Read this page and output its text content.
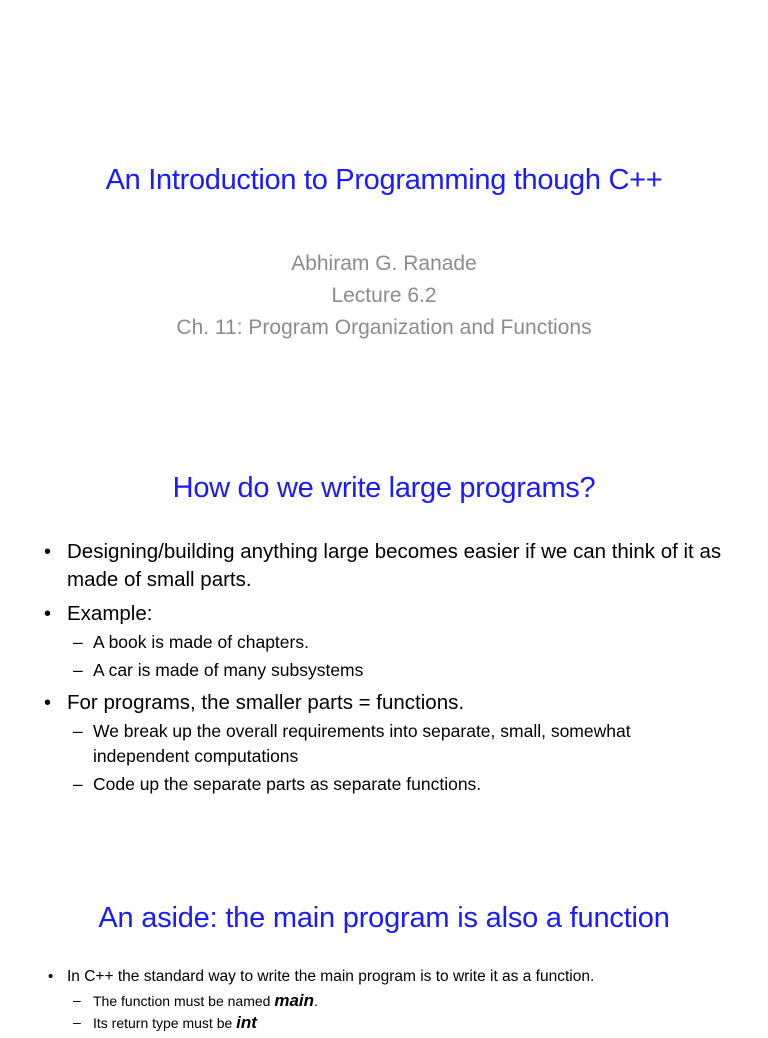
An Introduction to Programming though C++
Abhiram G. Ranade
Lecture 6.2
Ch. 11: Program Organization and Functions
How do we write large programs?
• Designing/building anything large becomes easier if we can think of it as made of small parts.
• Example:
– A book is made of chapters.
– A car is made of many subsystems
• For programs, the smaller parts = functions.
– We break up the overall requirements into separate, small, somewhat independent computations
– Code up the separate parts as separate functions.
An aside: the main program is also a function
• In C++ the standard way to write the main program is to write it as a function.
– The function must be named main.
– Its return type must be int
